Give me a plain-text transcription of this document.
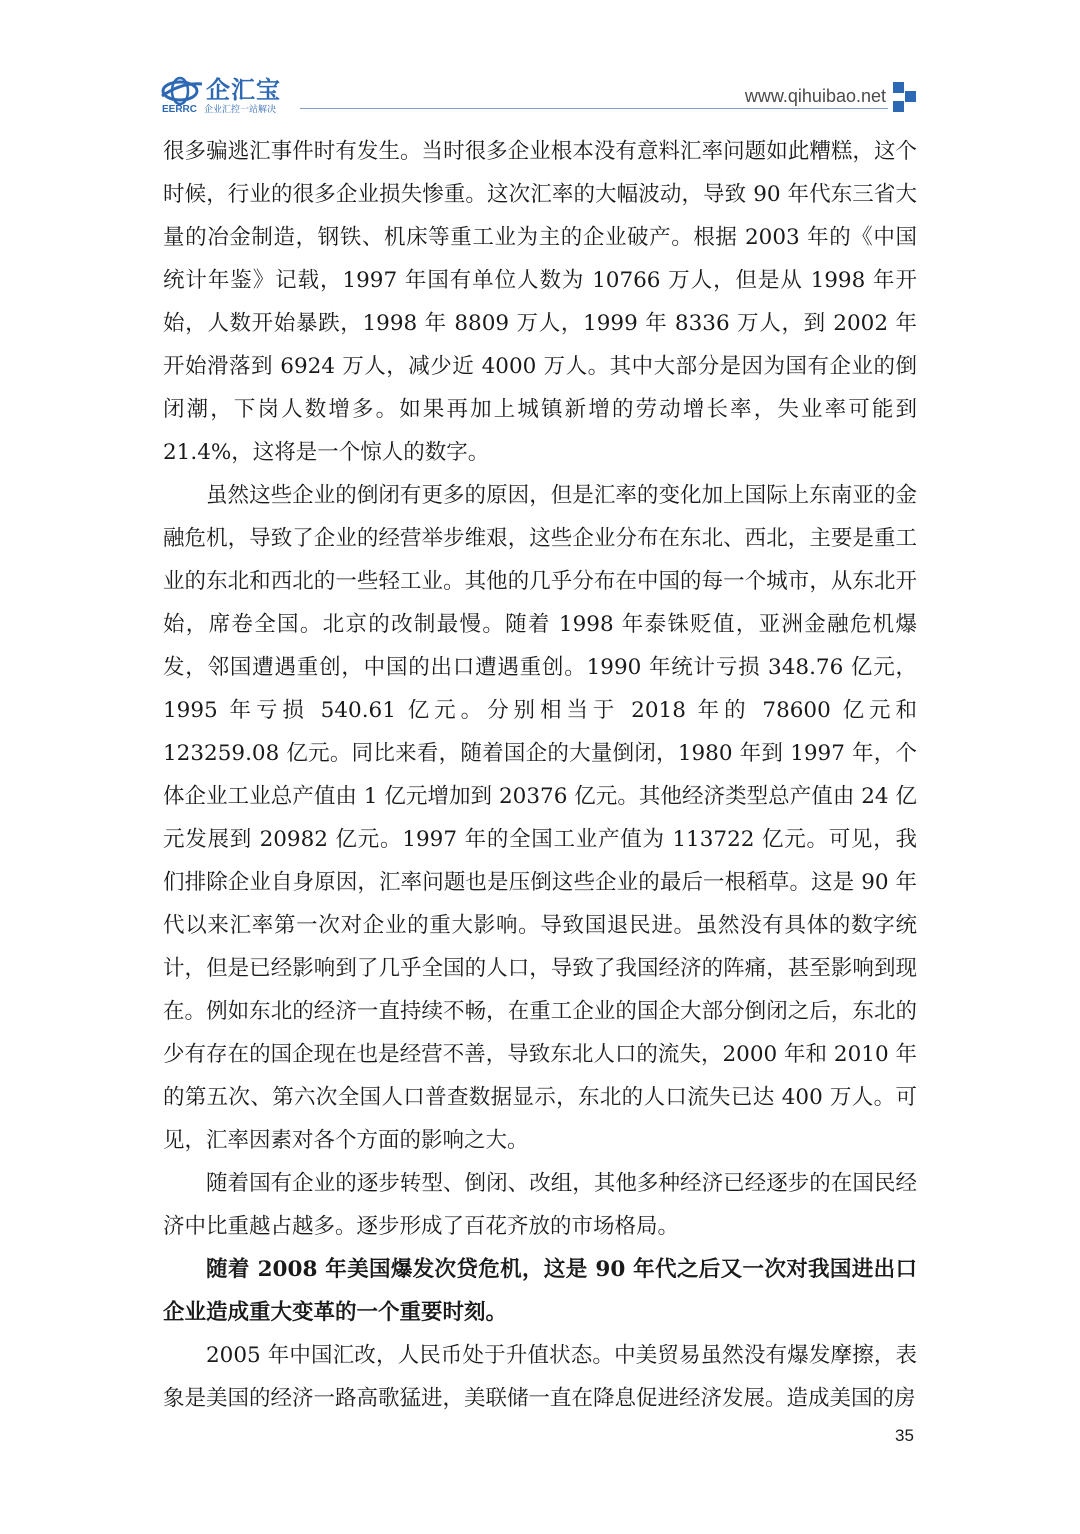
企汇宝
EERRC 企业汇控一站解决
www.qihuibao.net

很多骗逃汇事件时有发生。当时很多企业根本没有意料汇率问题如此糟糕，这个时候，行业的很多企业损失惨重。这次汇率的大幅波动，导致 90 年代东三省大量的冶金制造，钢铁、机床等重工业为主的企业破产。根据 2003 年的《中国统计年鉴》记载，1997 年国有单位人数为 10766 万人，但是从 1998 年开始，人数开始暴跌，1998 年 8809 万人，1999 年 8336 万人，到 2002 年开始滑落到 6924 万人，减少近 4000 万人。其中大部分是因为国有企业的倒闭潮，下岗人数增多。如果再加上城镇新增的劳动增长率，失业率可能到 21.4%，这将是一个惊人的数字。

虽然这些企业的倒闭有更多的原因，但是汇率的变化加上国际上东南亚的金融危机，导致了企业的经营举步维艰，这些企业分布在东北、西北，主要是重工业的东北和西北的一些轻工业。其他的几乎分布在中国的每一个城市，从东北开始，席卷全国。北京的改制最慢。随着 1998 年泰铢贬值，亚洲金融危机爆发，邻国遭遇重创，中国的出口遭遇重创。1990 年统计亏损 348.76 亿元，1995 年亏损 540.61 亿元。分别相当于 2018 年的 78600 亿元和 123259.08 亿元。同比来看，随着国企的大量倒闭，1980 年到 1997 年，个体企业工业总产值由 1 亿元增加到 20376 亿元。其他经济类型总产值由 24 亿元发展到 20982 亿元。1997 年的全国工业产值为 113722 亿元。可见，我们排除企业自身原因，汇率问题也是压倒这些企业的最后一根稻草。这是 90 年代以来汇率第一次对企业的重大影响。导致国退民进。虽然没有具体的数字统计，但是已经影响到了几乎全国的人口，导致了我国经济的阵痛，甚至影响到现在。例如东北的经济一直持续不畅，在重工企业的国企大部分倒闭之后，东北的少有存在的国企现在也是经营不善，导致东北人口的流失，2000 年和 2010 年的第五次、第六次全国人口普查数据显示，东北的人口流失已达 400 万人。可见，汇率因素对各个方面的影响之大。

随着国有企业的逐步转型、倒闭、改组，其他多种经济已经逐步的在国民经济中比重越占越多。逐步形成了百花齐放的市场格局。

随着 2008 年美国爆发次贷危机，这是 90 年代之后又一次对我国进出口企业造成重大变革的一个重要时刻。

2005 年中国汇改，人民币处于升值状态。中美贸易虽然没有爆发摩擦，表象是美国的经济一路高歌猛进，美联储一直在降息促进经济发展。造成美国的房

35
